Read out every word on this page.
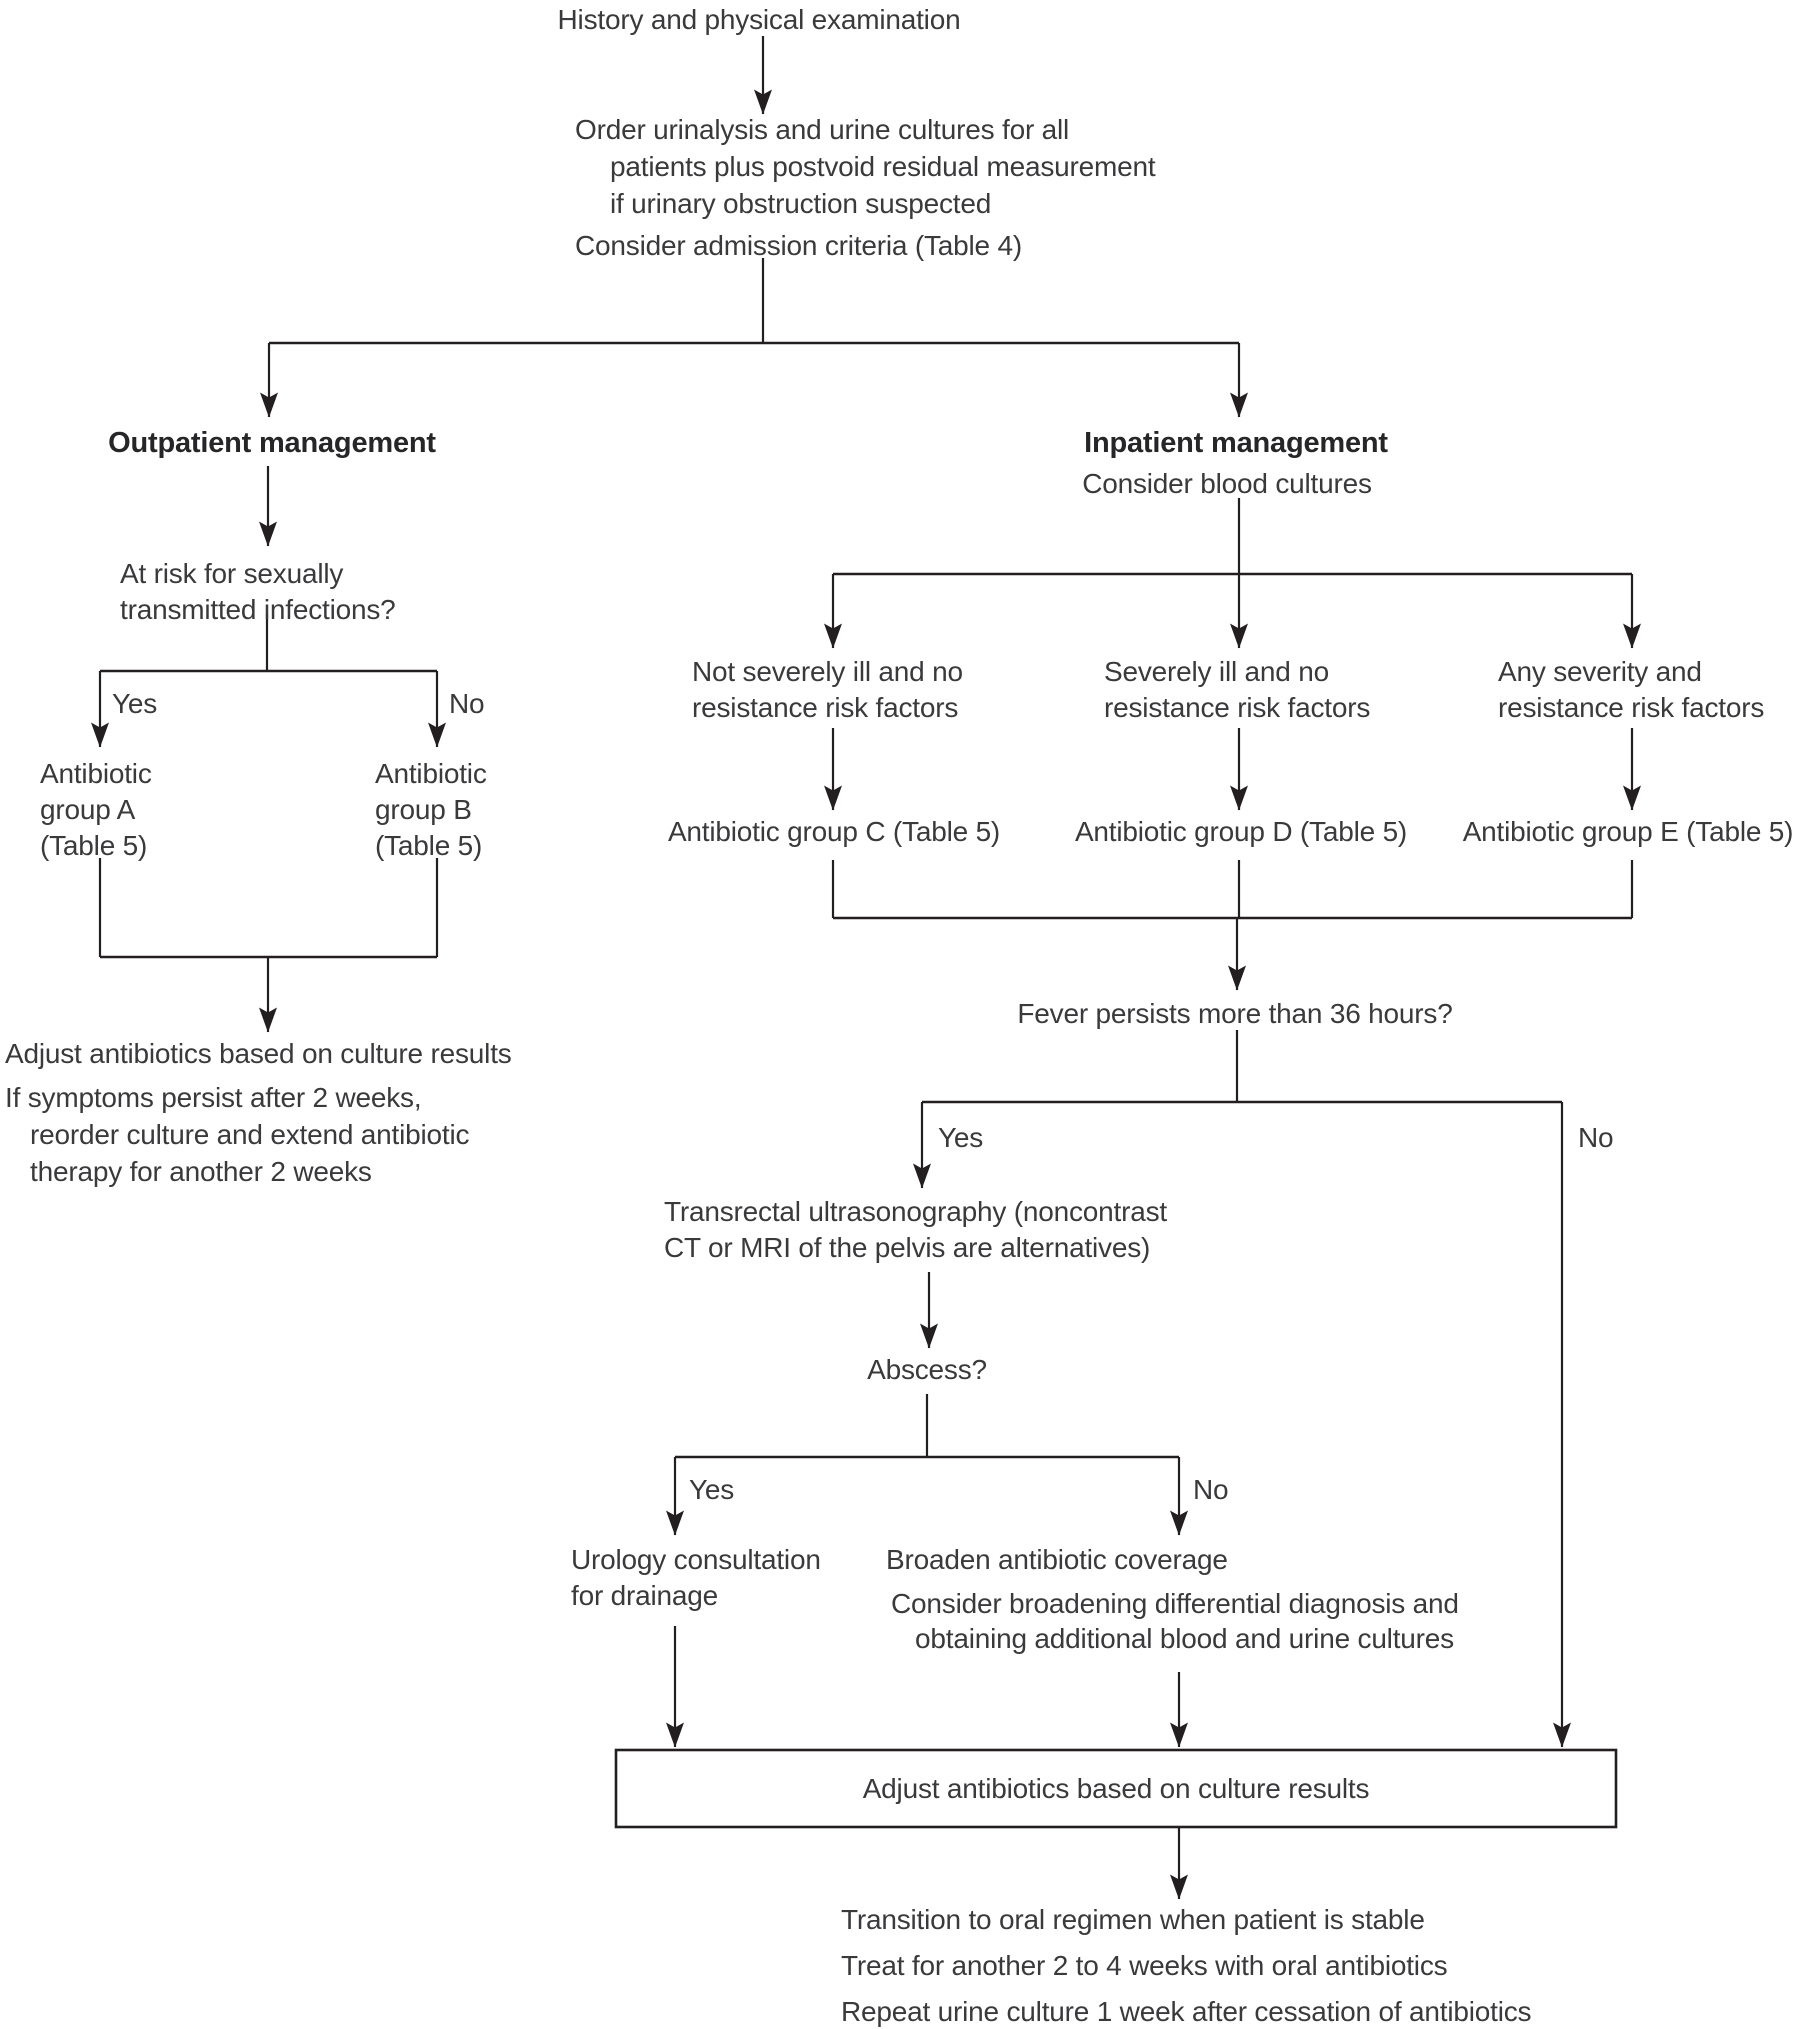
History and physical examination
Order urinalysis and urine cultures for all
patients plus postvoid residual measurement
if urinary obstruction suspected
Consider admission criteria (Table 4)
Outpatient management
At risk for sexually
transmitted infections?
Yes	No
Antibiotic
group A
(Table 5)
Antibiotic
group B
(Table 5)
Adjust antibiotics based on culture results
If symptoms persist after 2 weeks,
reorder culture and extend antibiotic
therapy for another 2 weeks
Inpatient management
Consider blood cultures
Not severely ill and no
resistance risk factors
Severely ill and no
resistance risk factors
Any severity and
resistance risk factors
Antibiotic group C (Table 5)	Antibiotic group D (Table 5) Antibiotic group E (Table 5)
Fever persists more than 36 hours?
Yes	No
Transrectal ultrasonography (noncontrast
CT or MRI of the pelvis are alternatives)
Abscess?
Yes	No
Urology consultation
for drainage
Broaden antibiotic coverage
Consider broadening differential diagnosis and
obtaining additional blood and urine cultures
Adjust antibiotics based on culture results
Transition to oral regimen when patient is stable
Treat for another 2 to 4 weeks with oral antibiotics
Repeat urine culture 1 week after cessation of antibiotics
